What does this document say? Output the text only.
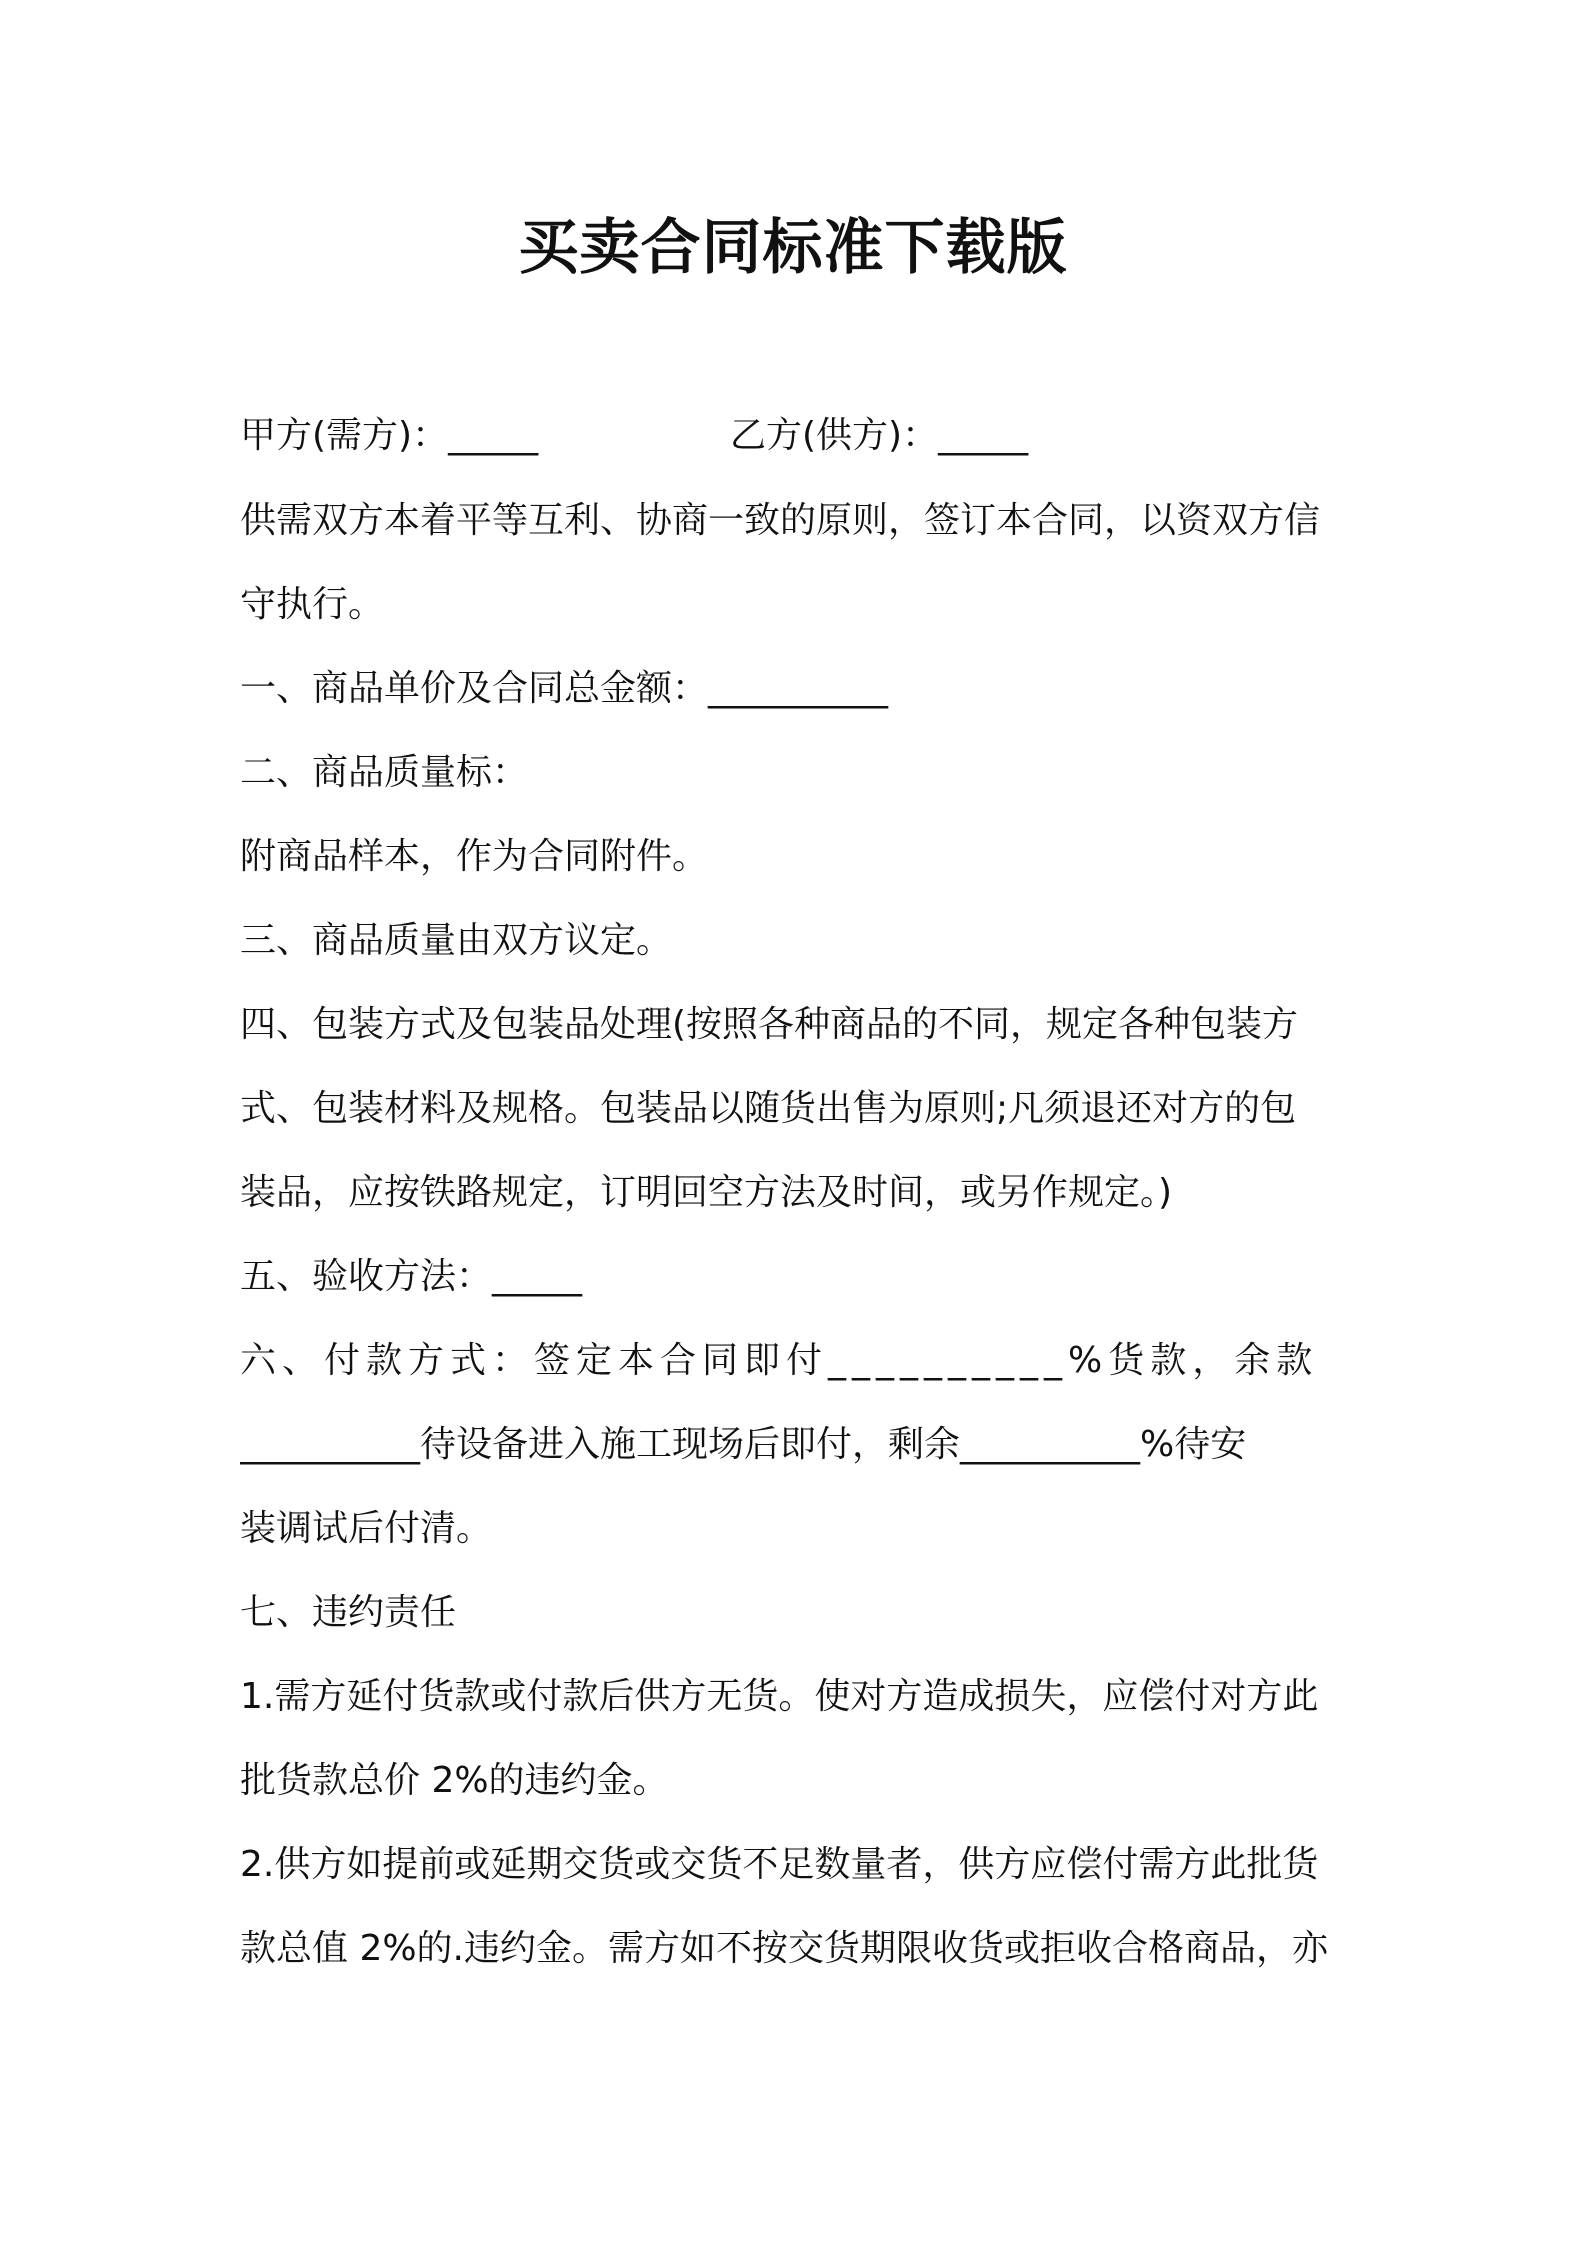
买卖合同标准下载版
甲方(需方)：_____	乙方(供方)：_____
供需双方本着平等互利、协商一致的原则，签订本合同，以资双方信
守执行。
一、商品单价及合同总金额：__________
二、商品质量标：
附商品样本，作为合同附件。
三、商品质量由双方议定。
四、包装方式及包装品处理(按照各种商品的不同，规定各种包装方
式、包装材料及规格。包装品以随货出售为原则;凡须退还对方的包
装品，应按铁路规定，订明回空方法及时间，或另作规定。)
五、验收方法：_____
六、付款方式：签定本合同即付__________%货款，余款
__________待设备进入施工现场后即付，剩余__________%待安
装调试后付清。
七、违约责任
1.需方延付货款或付款后供方无货。使对方造成损失，应偿付对方此
批货款总价 2%的违约金。
2.供方如提前或延期交货或交货不足数量者，供方应偿付需方此批货
款总值 2%的.违约金。需方如不按交货期限收货或拒收合格商品，亦
